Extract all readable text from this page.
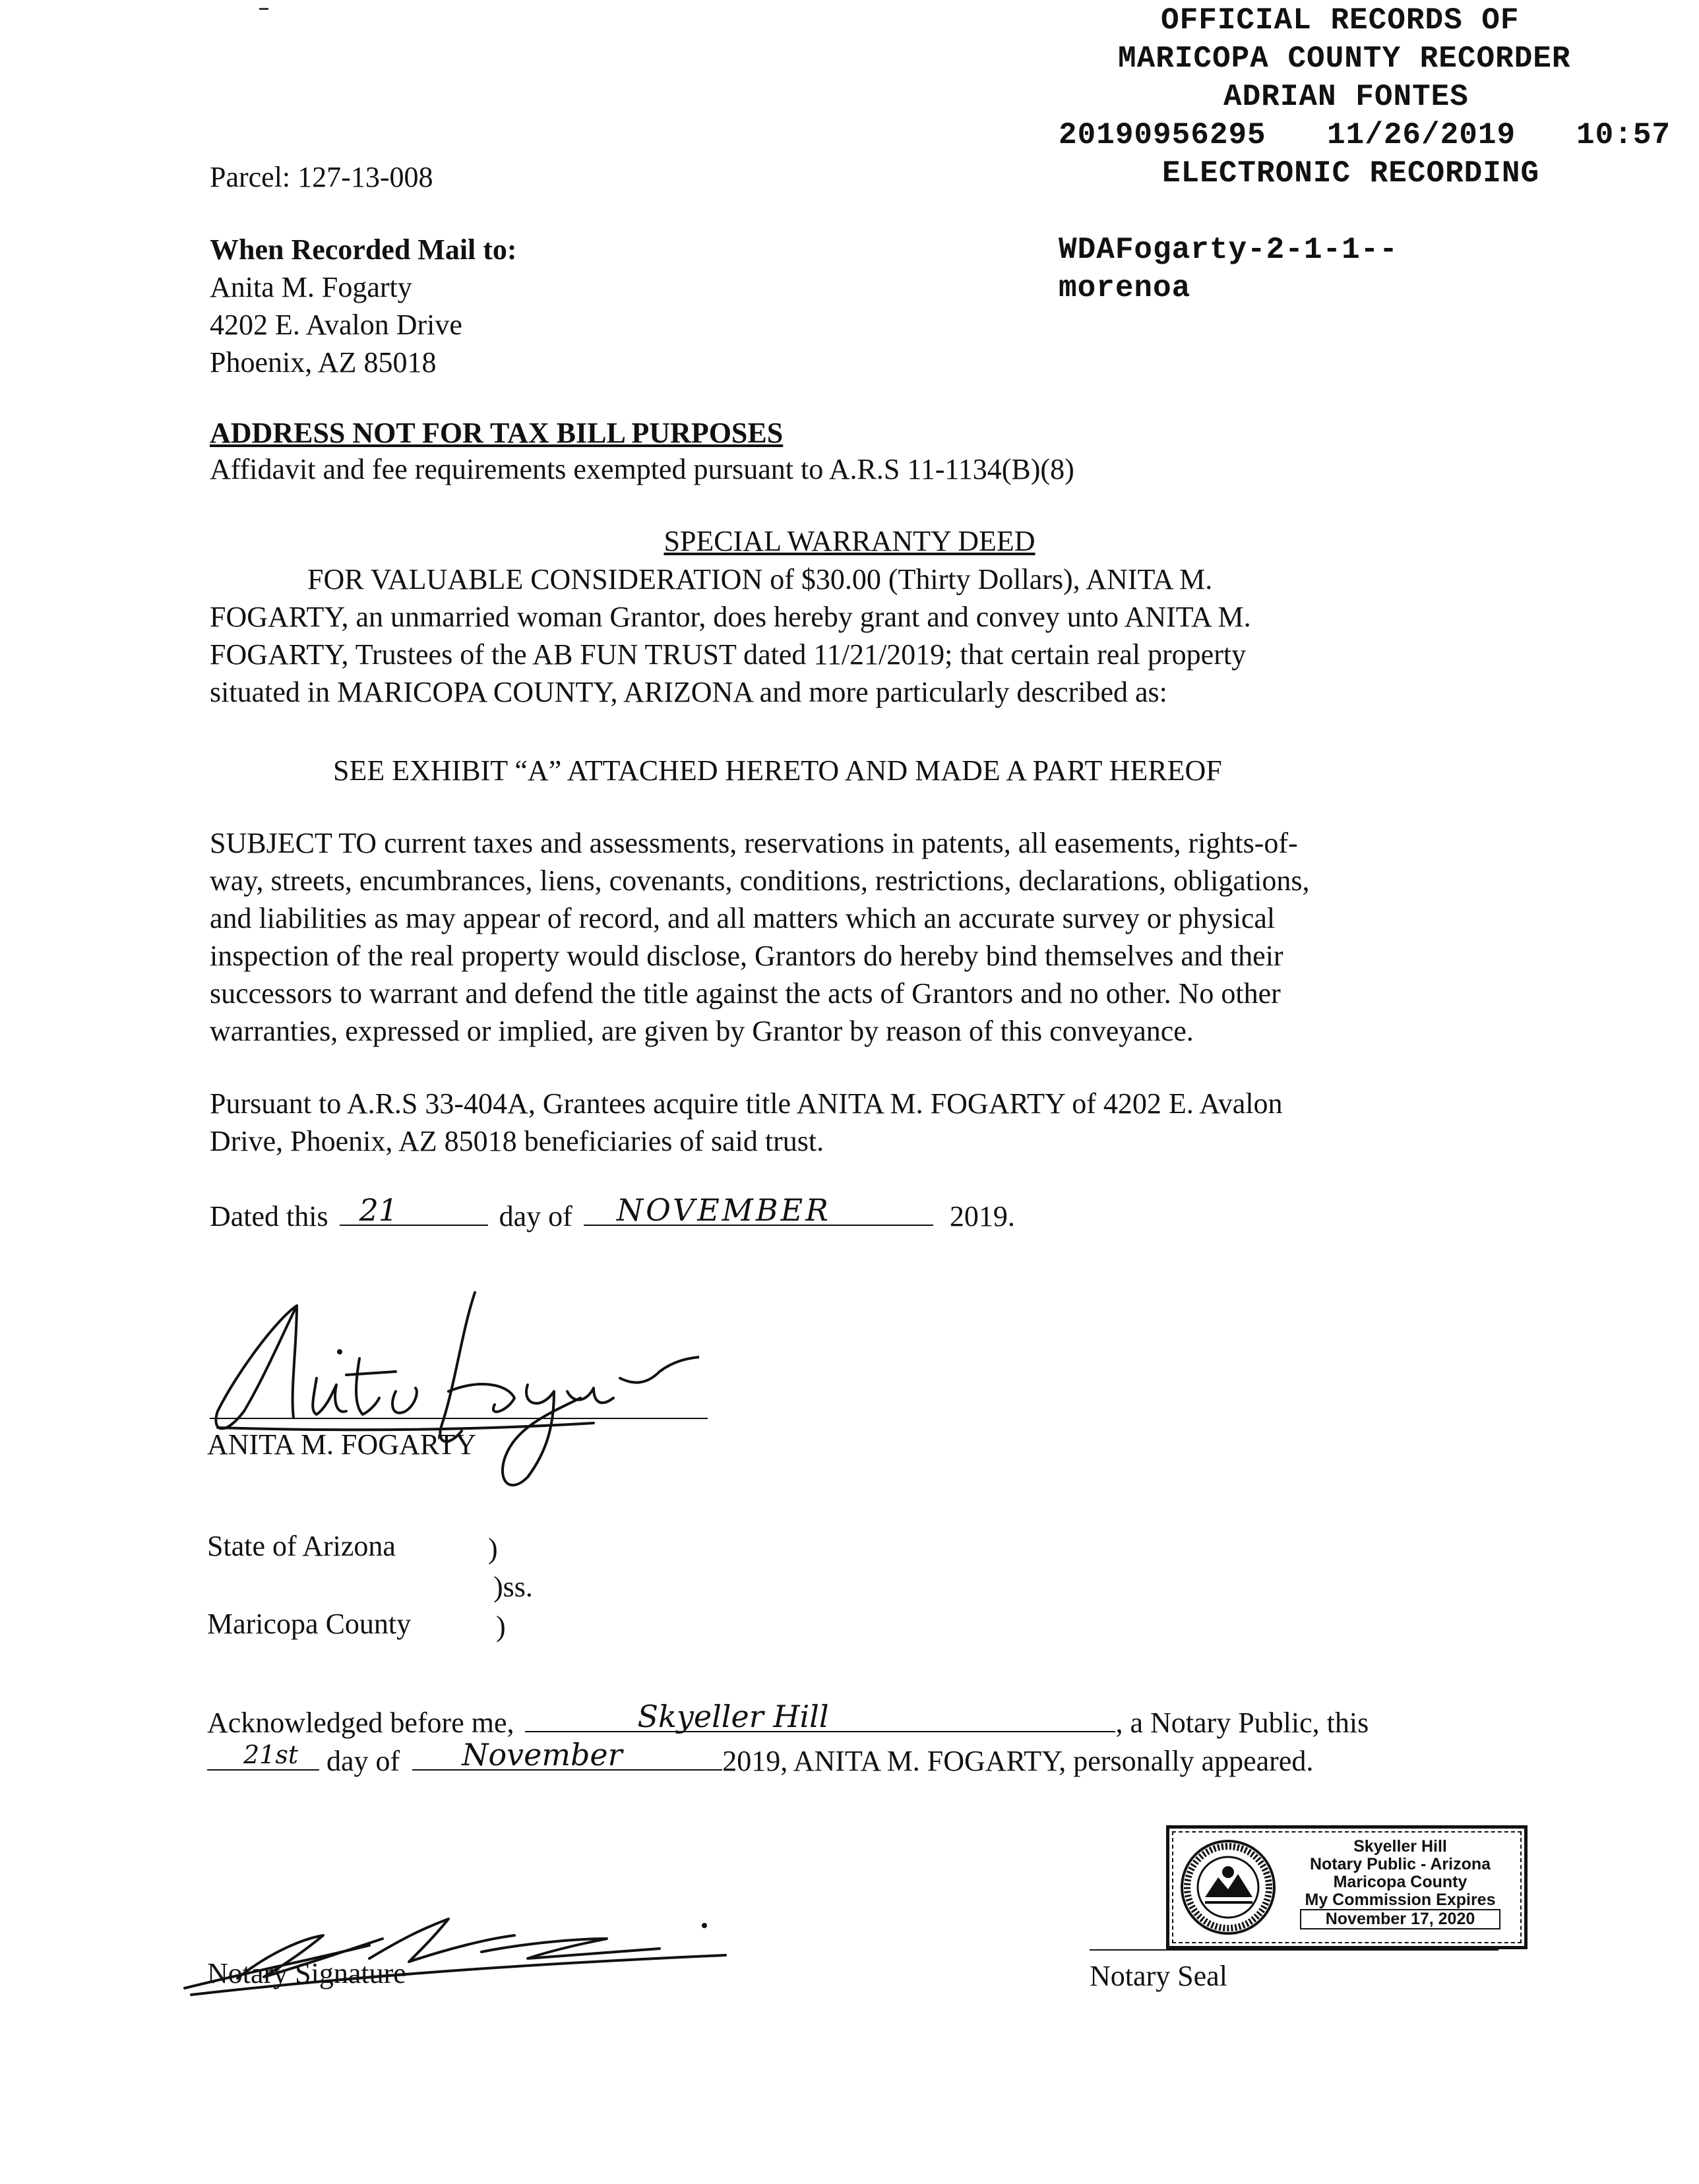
OFFICIAL RECORDS OF
MARICOPA COUNTY RECORDER
ADRIAN FONTES
20190956295 11/26/2019 10:57
ELECTRONIC RECORDING
WDAFogarty-2-1-1--
morenoa
Parcel: 127-13-008
When Recorded Mail to:
Anita M. Fogarty
4202 E. Avalon Drive
Phoenix, AZ 85018
ADDRESS NOT FOR TAX BILL PURPOSES
Affidavit and fee requirements exempted pursuant to A.R.S 11-1134(B)(8)
SPECIAL WARRANTY DEED
FOR VALUABLE CONSIDERATION of $30.00 (Thirty Dollars), ANITA M.
FOGARTY, an unmarried woman Grantor, does hereby grant and convey unto ANITA M.
FOGARTY, Trustees of the AB FUN TRUST dated 11/21/2019; that certain real property
situated in MARICOPA COUNTY, ARIZONA and more particularly described as:
SEE EXHIBIT “A” ATTACHED HERETO AND MADE A PART HEREOF
SUBJECT TO current taxes and assessments, reservations in patents, all easements, rights-of-
way, streets, encumbrances, liens, covenants, conditions, restrictions, declarations, obligations,
and liabilities as may appear of record, and all matters which an accurate survey or physical
inspection of the real property would disclose, Grantors do hereby bind themselves and their
successors to warrant and defend the title against the acts of Grantors and no other. No other
warranties, expressed or implied, are given by Grantor by reason of this conveyance.
Pursuant to A.R.S 33-404A, Grantees acquire title ANITA M. FOGARTY of 4202 E. Avalon
Drive, Phoenix, AZ 85018 beneficiaries of said trust.
Dated this 21	day of NOVEMBER	2019.
ANITA M. FOGARTY
State of Arizona	)
)ss.
Maricopa County	)
Acknowledged before me,	Skyeller Hill	, a Notary Public, this
21st day of November	2019, ANITA M. FOGARTY, personally appeared.
Skyeller Hill
Notary Public - Arizona
Maricopa County
My Commission Expires
November 17, 2020
Notary Signature	Notary Seal
